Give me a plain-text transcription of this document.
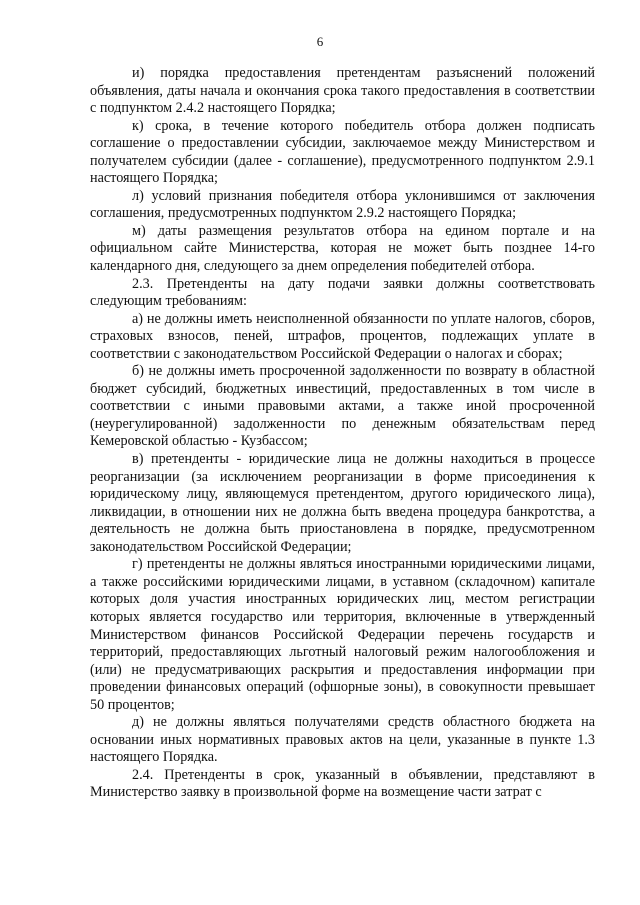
6

и) порядка предоставления претендентам разъяснений положений объявления, даты начала и окончания срока такого предоставления в соответствии с подпунктом 2.4.2 настоящего Порядка;

к) срока, в течение которого победитель отбора должен подписать соглашение о предоставлении субсидии, заключаемое между Министерством и получателем субсидии (далее - соглашение), предусмотренного подпунктом 2.9.1 настоящего Порядка;

л) условий признания победителя отбора уклонившимся от заключения соглашения, предусмотренных подпунктом 2.9.2 настоящего Порядка;

м) даты размещения результатов отбора на едином портале и на официальном сайте Министерства, которая не может быть позднее 14-го календарного дня, следующего за днем определения победителей отбора.

2.3. Претенденты на дату подачи заявки должны соответствовать следующим требованиям:

а) не должны иметь неисполненной обязанности по уплате налогов, сборов, страховых взносов, пеней, штрафов, процентов, подлежащих уплате в соответствии с законодательством Российской Федерации о налогах и сборах;

б) не должны иметь просроченной задолженности по возврату в областной бюджет субсидий, бюджетных инвестиций, предоставленных в том числе в соответствии с иными правовыми актами, а также иной просроченной (неурегулированной) задолженности по денежным обязательствам перед Кемеровской областью - Кузбассом;

в) претенденты - юридические лица не должны находиться в процессе реорганизации (за исключением реорганизации в форме присоединения к юридическому лицу, являющемуся претендентом, другого юридического лица), ликвидации, в отношении них не должна быть введена процедура банкротства, а деятельность не должна быть приостановлена в порядке, предусмотренном законодательством Российской Федерации;

г) претенденты не должны являться иностранными юридическими лицами, а также российскими юридическими лицами, в уставном (складочном) капитале которых доля участия иностранных юридических лиц, местом регистрации которых является государство или территория, включенные в утвержденный Министерством финансов Российской Федерации перечень государств и территорий, предоставляющих льготный налоговый режим налогообложения и (или) не предусматривающих раскрытия и предоставления информации при проведении финансовых операций (офшорные зоны), в совокупности превышает 50 процентов;

д) не должны являться получателями средств областного бюджета на основании иных нормативных правовых актов на цели, указанные в пункте 1.3 настоящего Порядка.

2.4. Претенденты в срок, указанный в объявлении, представляют в Министерство заявку в произвольной форме на возмещение части затрат с
